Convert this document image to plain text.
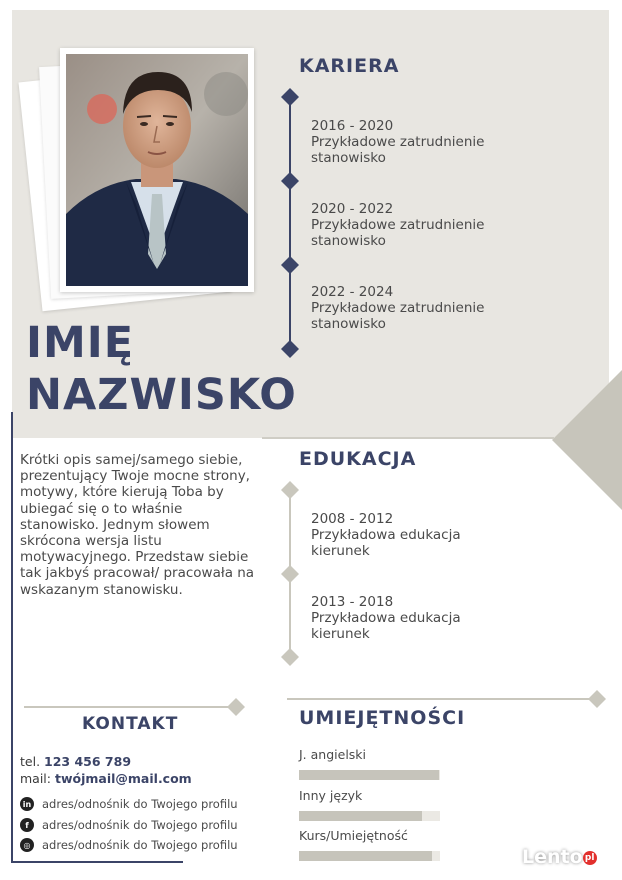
IMIĘ
NAZWISKO
KARIERA
2016 - 2020
Przykładowe zatrudnienie
stanowisko
2020 - 2022
Przykładowe zatrudnienie
stanowisko
2022 - 2024
Przykładowe zatrudnienie
stanowisko
Krótki opis samej/samego siebie, prezentujący Twoje mocne strony, motywy, które kierują Toba by ubiegać się o to właśnie stanowisko. Jednym słowem skrócona wersja listu motywacyjnego. Przedstaw siebie tak jakbyś pracował/ pracowała na wskazanym stanowisku.
EDUKACJA
2008 - 2012
Przykładowa edukacja
kierunek
2013 - 2018
Przykładowa edukacja
kierunek
KONTAKT
tel. 123 456 789
mail: twójmail@mail.com
in adres/odnośnik do Twojego profilu
f	adres/odnośnik do Twojego profilu
◎	adres/odnośnik do Twojego profilu
UMIEJĘTNOŚCI
J. angielski
Inny język
Kurs/Umiejętność
Lento pl
